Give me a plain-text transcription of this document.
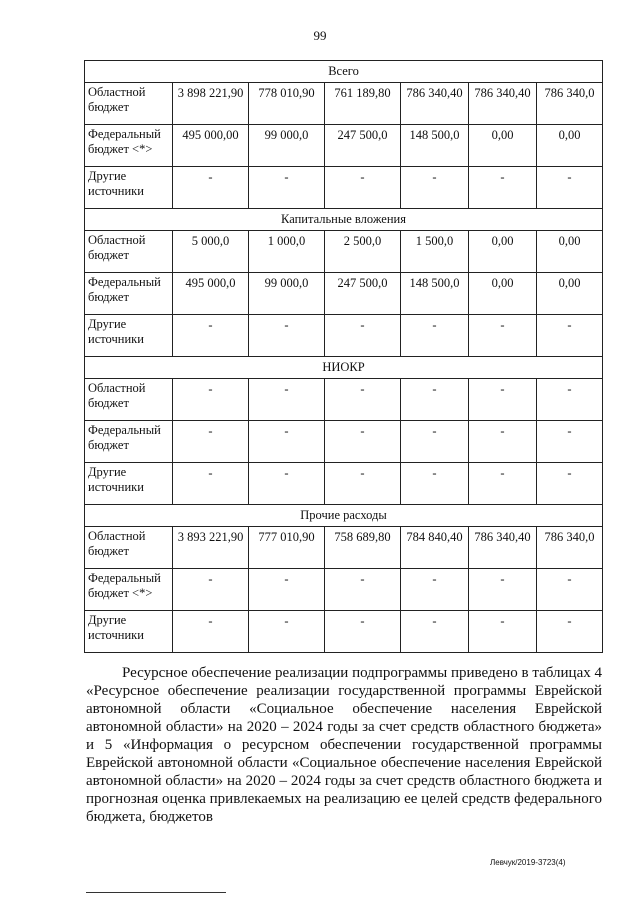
99
Всего						
Областной бюджет	3 898 221,90	778 010,90	761 189,80	786 340,40	786 340,40	786 340,0
Федеральный бюджет <*>	495 000,00	99 000,0	247 500,0	148 500,0	0,00	0,00
Другие источники	-	-	-	-	-	-
Капитальные вложения						
Областной бюджет	5 000,0	1 000,0	2 500,0	1 500,0	0,00	0,00
Федеральный бюджет	495 000,0	99 000,0	247 500,0	148 500,0	0,00	0,00
Другие источники	-	-	-	-	-	-
НИОКР						
Областной бюджет	-	-	-	-	-	-
Федеральный бюджет	-	-	-	-	-	-
Другие источники	-	-	-	-	-	-
Прочие расходы						
Областной бюджет	3 893 221,90	777 010,90	758 689,80	784 840,40	786 340,40	786 340,0
Федеральный бюджет <*>	-	-	-	-	-	-
Другие источники	-	-	-	-	-	-

Ресурсное обеспечение реализации подпрограммы приведено в таблицах 4 «Ресурсное обеспечение реализации государственной программы Еврейской автономной области «Социальное обеспечение населения Еврейской автономной области» на 2020 – 2024 годы за счет средств областного бюджета» и 5 «Информация о ресурсном обеспечении государственной программы Еврейской автономной области «Социальное обеспечение населения Еврейской автономной области» на 2020 – 2024 годы за счет средств областного бюджета и прогнозная оценка привлекаемых на реализацию ее целей средств федерального бюджета, бюджетов

Левчук/2019-3723(4)
